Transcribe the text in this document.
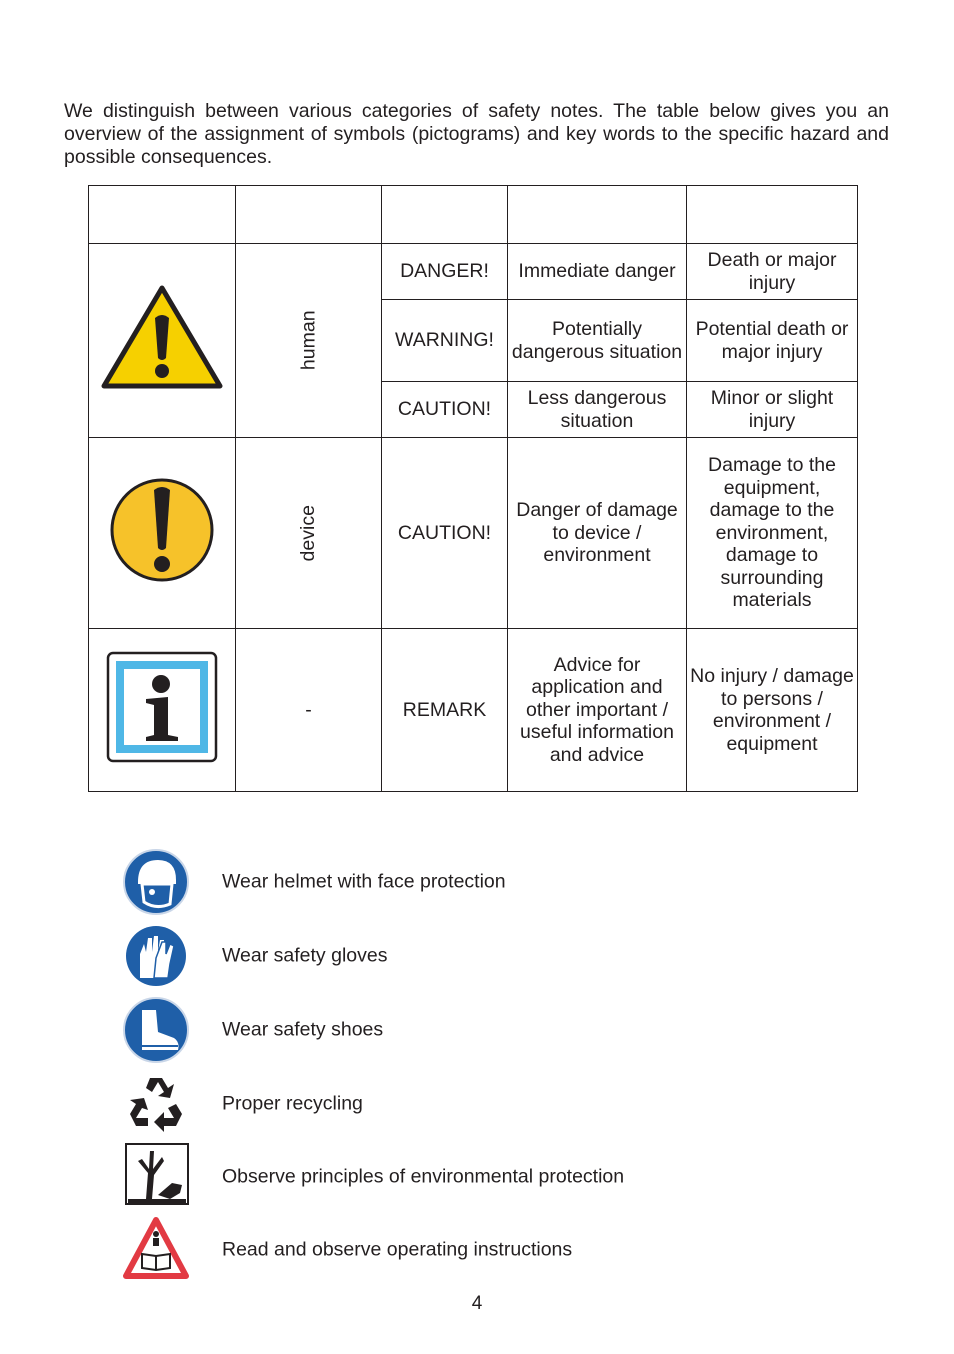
We distinguish between various categories of safety notes. The table below gives you an overview of the assignment of symbols (pictograms) and key words to the specific hazard and possible consequences.

	human	DANGER!	Immediate danger	Death or major injury
		WARNING!	Potentially dangerous situation	Potential death or major injury
		CAUTION!	Less dangerous situation	Minor or slight injury
	device	CAUTION!	Danger of damage to device / environment	Damage to the equipment, damage to the environment, damage to surrounding materials
	-	REMARK	Advice for application and other important / useful information and advice	No injury / damage to persons / environment / equipment
Wear helmet with face protection
Wear safety gloves
Wear safety shoes
Proper recycling
Observe principles of environmental protection
Read and observe operating instructions
4
